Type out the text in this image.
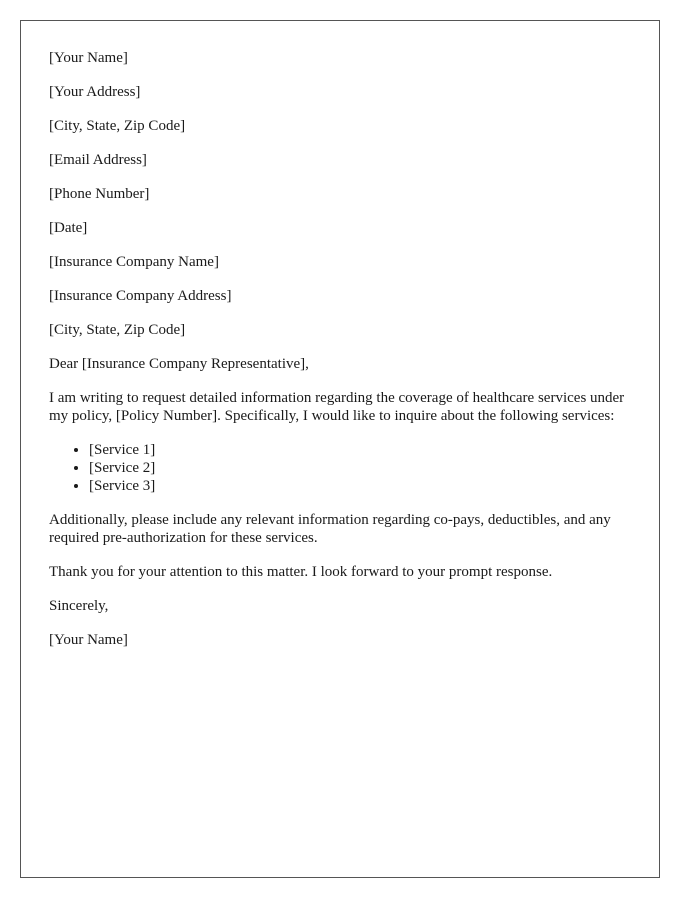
[Your Name]

[Your Address]

[City, State, Zip Code]

[Email Address]

[Phone Number]

[Date]

[Insurance Company Name]

[Insurance Company Address]

[City, State, Zip Code]

Dear [Insurance Company Representative],

I am writing to request detailed information regarding the coverage of healthcare services under my policy, [Policy Number]. Specifically, I would like to inquire about the following services:

• [Service 1]
• [Service 2]
• [Service 3]

Additionally, please include any relevant information regarding co-pays, deductibles, and any required pre-authorization for these services.

Thank you for your attention to this matter. I look forward to your prompt response.

Sincerely,

[Your Name]
